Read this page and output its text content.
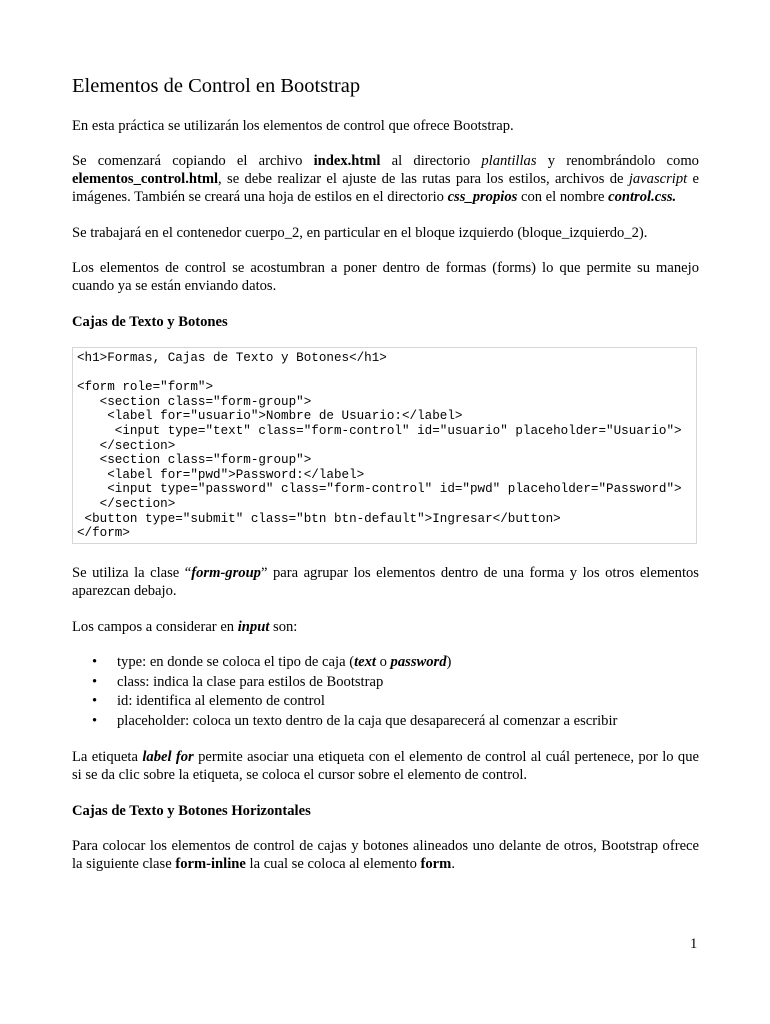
Elementos de Control en Bootstrap

En esta práctica se utilizarán los elementos de control que ofrece Bootstrap.

Se comenzará copiando el archivo index.html al directorio plantillas y renombrándolo como elementos_control.html, se debe realizar el ajuste de las rutas para los estilos, archivos de javascript e imágenes. También se creará una hoja de estilos en el directorio css_propios con el nombre control.css.

Se trabajará en el contenedor cuerpo_2, en particular en el bloque izquierdo (bloque_izquierdo_2).

Los elementos de control se acostumbran a poner dentro de formas (forms) lo que permite su manejo cuando ya se están enviando datos.

Cajas de Texto y Botones

<h1>Formas, Cajas de Texto y Botones</h1>

<form role="form">
<section class="form-group">
<label for="usuario">Nombre de Usuario:</label>
<input type="text" class="form-control" id="usuario" placeholder="Usuario">
</section>
<section class="form-group">
<label for="pwd">Password:</label>
<input type="password" class="form-control" id="pwd" placeholder="Password">
</section>
<button type="submit" class="btn btn-default">Ingresar</button>
</form>

Se utiliza la clase “form-group” para agrupar los elementos dentro de una forma y los otros elementos aparezcan debajo.

Los campos a considerar en input son:

• type: en donde se coloca el tipo de caja (text o password)
• class: indica la clase para estilos de Bootstrap
• id: identifica al elemento de control
• placeholder: coloca un texto dentro de la caja que desaparecerá al comenzar a escribir

La etiqueta label for permite asociar una etiqueta con el elemento de control al cuál pertenece, por lo que si se da clic sobre la etiqueta, se coloca el cursor sobre el elemento de control.

Cajas de Texto y Botones Horizontales

Para colocar los elementos de control de cajas y botones alineados uno delante de otros, Bootstrap ofrece la siguiente clase form-inline la cual se coloca al elemento form.

1
